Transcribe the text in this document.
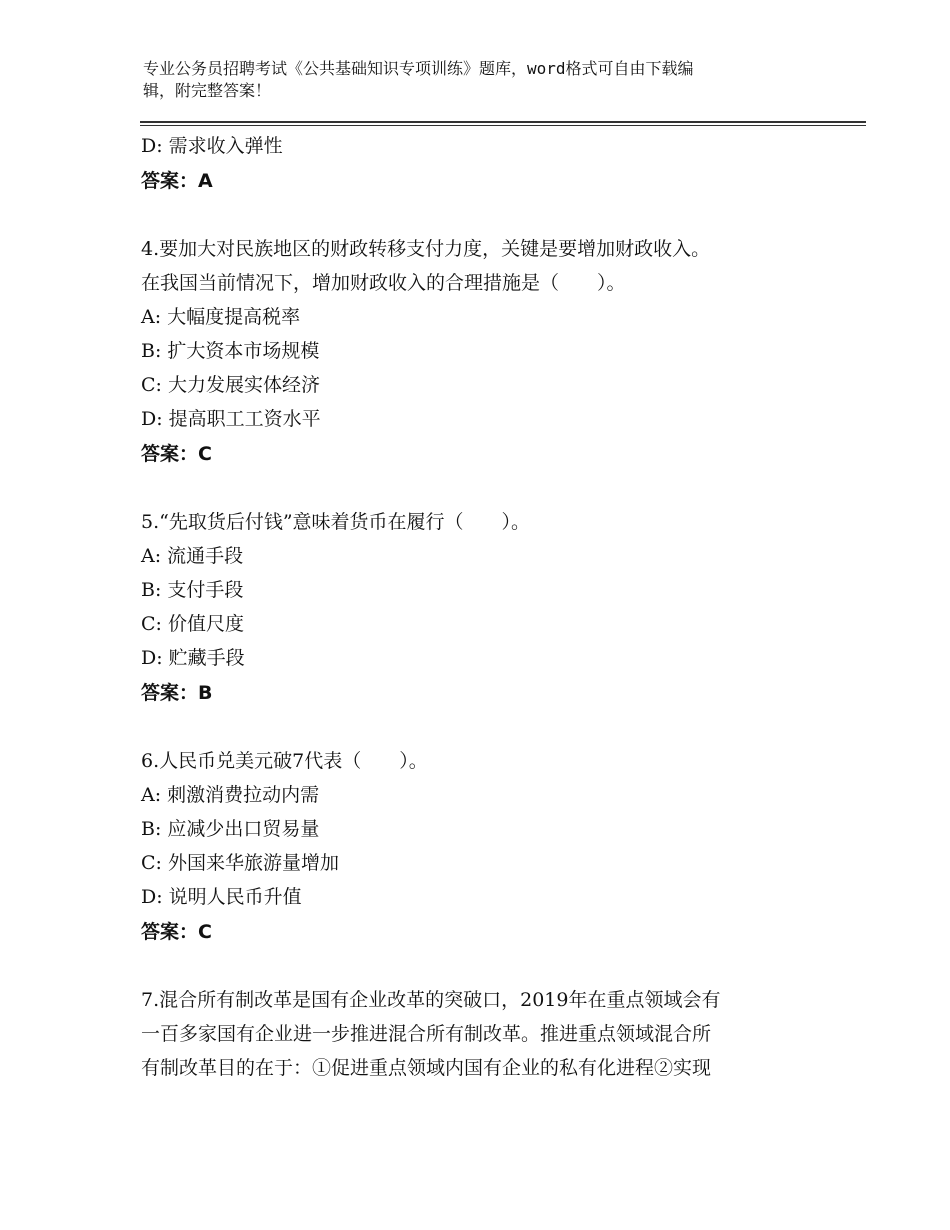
专业公务员招聘考试《公共基础知识专项训练》题库，word格式可自由下载编
辑，附完整答案！
D: 需求收入弹性
答案：A
4.要加大对民族地区的财政转移支付力度，关键是要增加财政收入。
在我国当前情况下，增加财政收入的合理措施是（　　）。
A: 大幅度提高税率
B: 扩大资本市场规模
C: 大力发展实体经济
D: 提高职工工资水平
答案：C
5.“先取货后付钱”意味着货币在履行（　　）。
A: 流通手段
B: 支付手段
C: 价值尺度
D: 贮藏手段
答案：B
6.人民币兑美元破7代表（　　）。
A: 刺激消费拉动内需
B: 应减少出口贸易量
C: 外国来华旅游量增加
D: 说明人民币升值
答案：C
7.混合所有制改革是国有企业改革的突破口，2019年在重点领域会有
一百多家国有企业进一步推进混合所有制改革。推进重点领域混合所
有制改革目的在于：①促进重点领域内国有企业的私有化进程②实现
